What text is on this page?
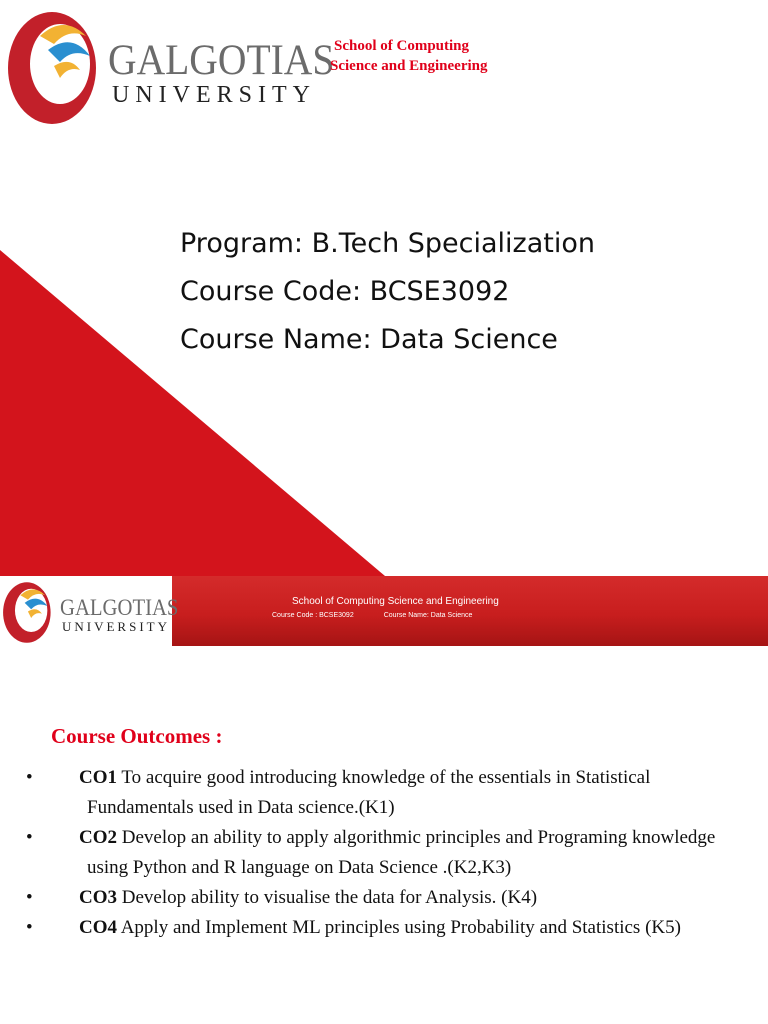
GALGOTIAS
UNIVERSITY
School of Computing
Science and Engineering
Program: B.Tech Specialization
Course Code: BCSE3092
Course Name: Data Science
GALGOTIAS
UNIVERSITY
School of Computing Science and Engineering
Course Code : BCSE3092	Course Name: Data Science
Course Outcomes :
• CO1 To acquire good introducing knowledge of the essentials in Statistical
Fundamentals used in Data science.(K1)
• CO2 Develop an ability to apply algorithmic principles and Programing knowledge
using Python and R language on Data Science .(K2,K3)
• CO3 Develop ability to visualise the data for Analysis. (K4)
• CO4 Apply and Implement ML principles using Probability and Statistics (K5)
